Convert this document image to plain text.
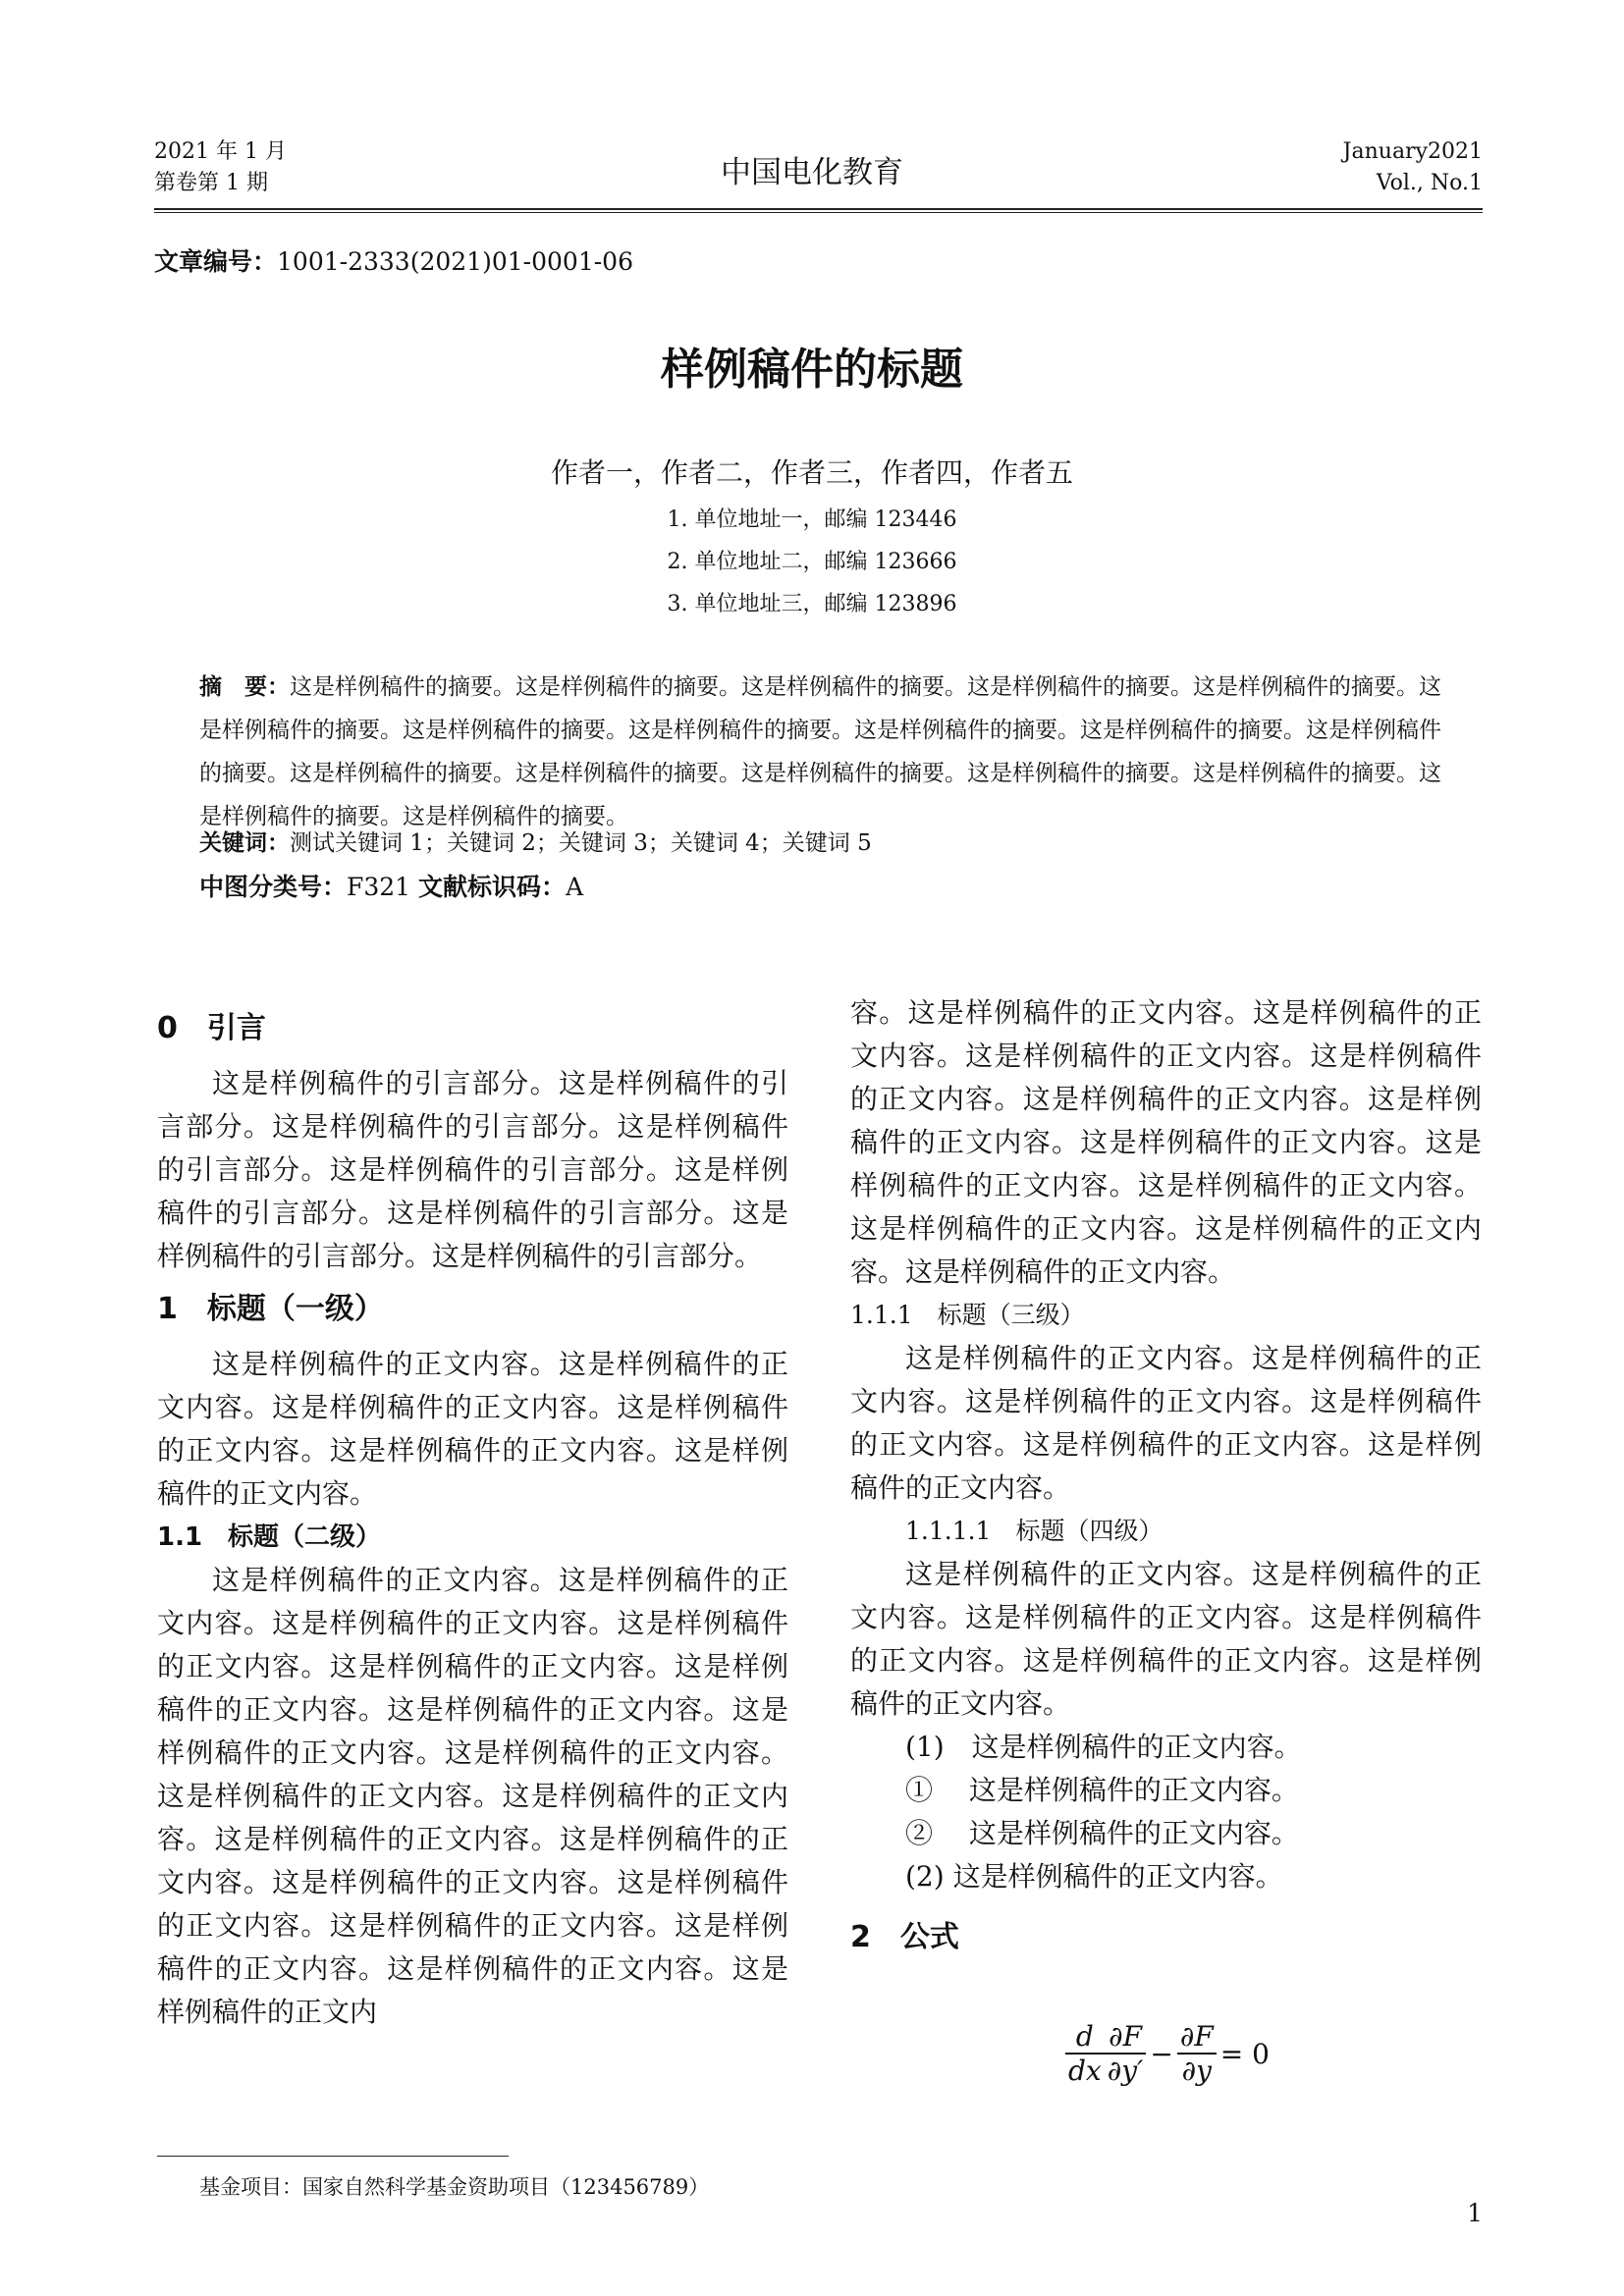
2021 年 1 月
第卷第 1 期	中国电化教育
January2021
Vol., No.1
文章编号：1001-2333(2021)01-0001-06
样例稿件的标题
作者一，作者二，作者三，作者四，作者五
1. 单位地址一，邮编 123446
2. 单位地址二，邮编 123666
3. 单位地址三，邮编 123896
摘　要：这是样例稿件的摘要。这是样例稿件的摘要。这是样例稿件的摘要。这是样例稿件的摘要。这是样例稿件的摘要。这是样例稿件的摘要。这是样例稿件的摘要。这是样例稿件的摘要。这是样例稿件的摘要。这是样例稿件的摘要。这是样例稿件的摘要。这是样例稿件的摘要。这是样例稿件的摘要。这是样例稿件的摘要。这是样例稿件的摘要。这是样例稿件的摘要。这是样例稿件的摘要。这是样例稿件的摘要。
关键词：测试关键词 1；关键词 2；关键词 3；关键词 4；关键词 5
中图分类号：F321 文献标识码：A
0　引言

这是样例稿件的引言部分。这是样例稿件的引言部分。这是样例稿件的引言部分。这是样例稿件的引言部分。这是样例稿件的引言部分。这是样例稿件的引言部分。这是样例稿件的引言部分。这是样例稿件的引言部分。这是样例稿件的引言部分。

1　标题（一级）

这是样例稿件的正文内容。这是样例稿件的正文内容。这是样例稿件的正文内容。这是样例稿件的正文内容。这是样例稿件的正文内容。这是样例稿件的正文内容。

1.1　标题（二级）

这是样例稿件的正文内容。这是样例稿件的正文内容。这是样例稿件的正文内容。这是样例稿件的正文内容。这是样例稿件的正文内容。这是样例稿件的正文内容。这是样例稿件的正文内容。这是样例稿件的正文内容。这是样例稿件的正文内容。这是样例稿件的正文内容。这是样例稿件的正文内容。这是样例稿件的正文内容。这是样例稿件的正文内容。这是样例稿件的正文内容。这是样例稿件的正文内容。这是样例稿件的正文内容。这是样例稿件的正文内容。这是样例稿件的正文内容。这是样例稿件的正文内

容。这是样例稿件的正文内容。这是样例稿件的正文内容。这是样例稿件的正文内容。这是样例稿件的正文内容。这是样例稿件的正文内容。这是样例稿件的正文内容。这是样例稿件的正文内容。这是样例稿件的正文内容。这是样例稿件的正文内容。这是样例稿件的正文内容。这是样例稿件的正文内容。这是样例稿件的正文内容。
1.1.1　标题（三级）

这是样例稿件的正文内容。这是样例稿件的正文内容。这是样例稿件的正文内容。这是样例稿件的正文内容。这是样例稿件的正文内容。这是样例稿件的正文内容。

1.1.1.1　标题（四级）

这是样例稿件的正文内容。这是样例稿件的正文内容。这是样例稿件的正文内容。这是样例稿件的正文内容。这是样例稿件的正文内容。这是样例稿件的正文内容。

(1)　这是样例稿件的正文内容。
①　 这是样例稿件的正文内容。
②　 这是样例稿件的正文内容。
(2) 这是样例稿件的正文内容。
2　公式
$\frac{d}{dx} \frac{\partial F}{\partial y'} - \frac{\partial F}{\partial y} = 0$
基金项目：国家自然科学基金资助项目（123456789）
1
